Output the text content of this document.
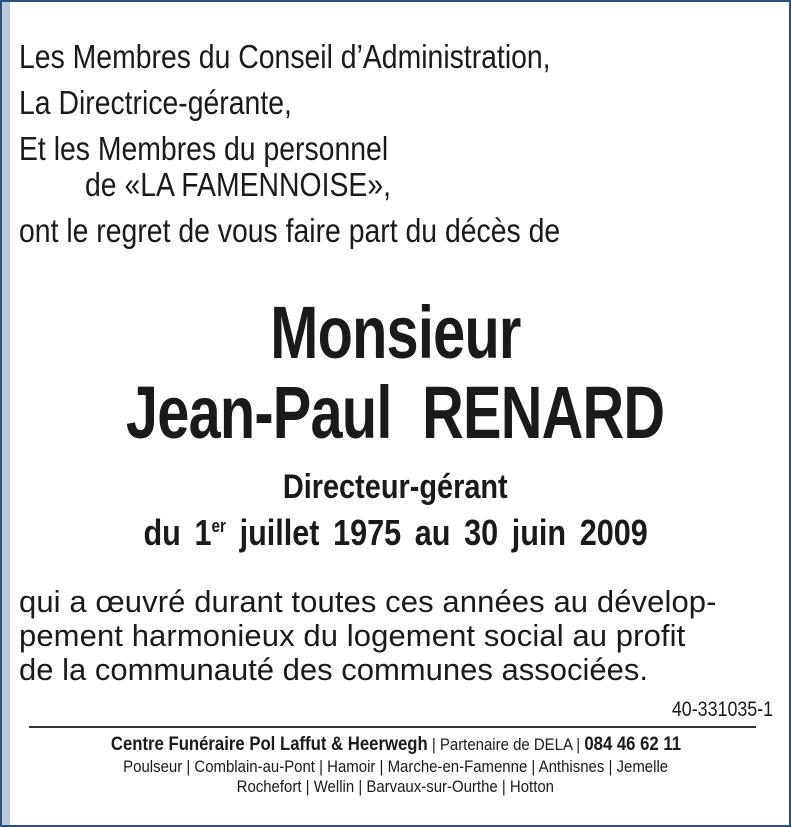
Les Membres du Conseil d’Administration,
La Directrice-gérante,
Et les Membres du personnel
de «LA FAMENNOISE»,
ont le regret de vous faire part du décès de
Monsieur
Jean-Paul  RENARD
Directeur-gérant
du 1er juillet 1975 au 30 juin 2009
qui a œuvré durant toutes ces années au dévelop-
pement harmonieux du logement social au profit
de la communauté des communes associées.
40-331035-1
Centre Funéraire Pol Laffut & Heerwegh | Partenaire de DELA | 084 46 62 11
Poulseur | Comblain-au-Pont | Hamoir | Marche-en-Famenne | Anthisnes | Jemelle
Rochefort | Wellin | Barvaux-sur-Ourthe | Hotton
